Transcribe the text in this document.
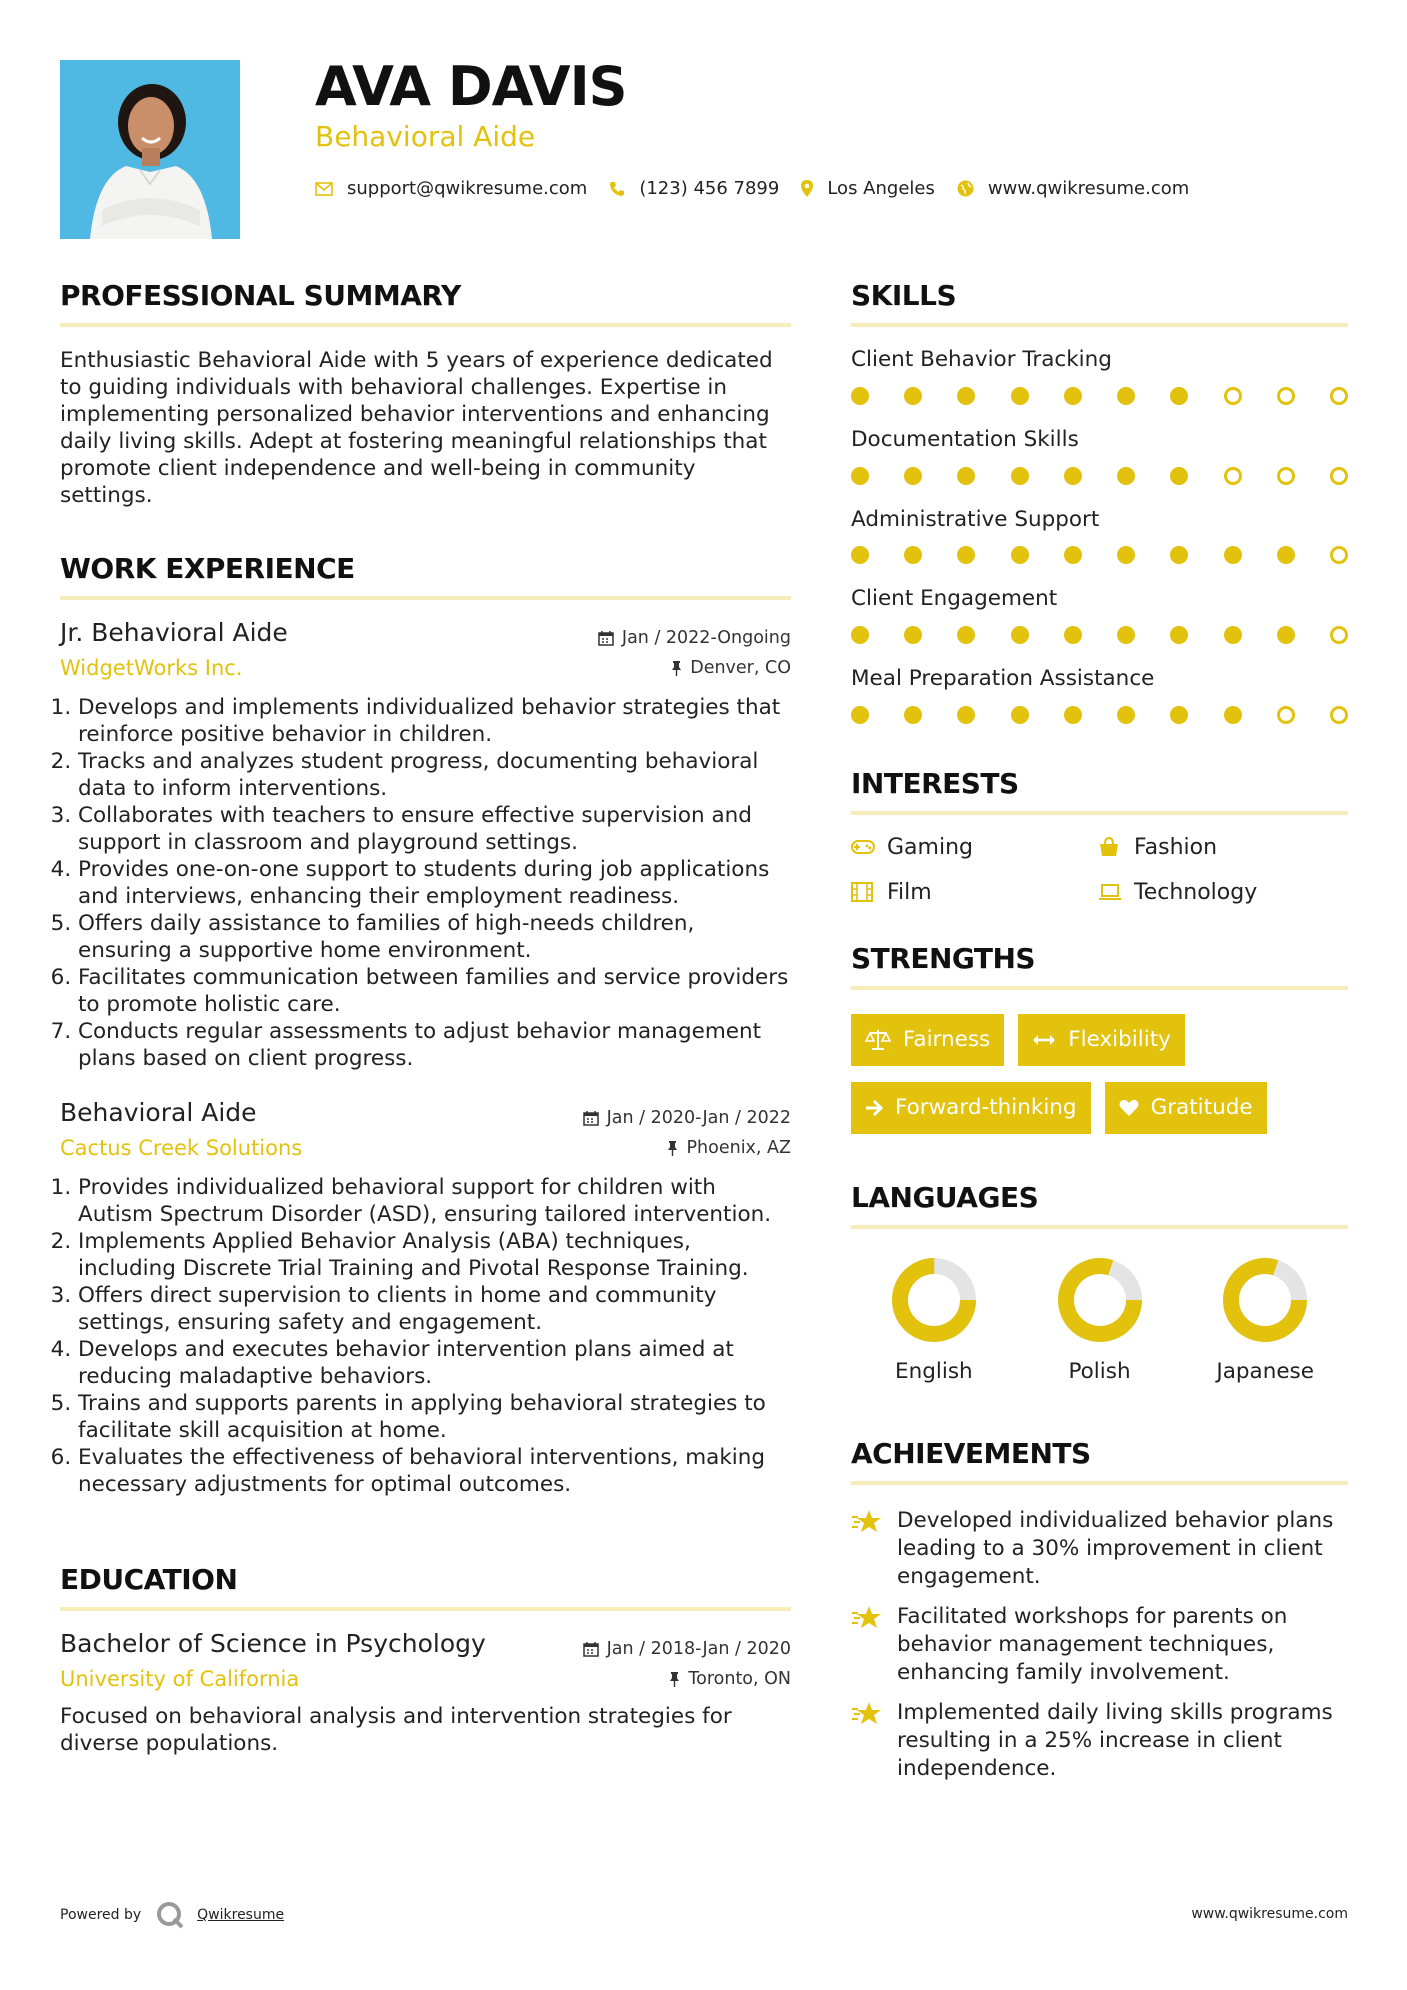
AVA DAVIS
Behavioral Aide
support@qwikresume.com	(123) 456 7899	Los Angeles	www.qwikresume.com
PROFESSIONAL SUMMARY

Enthusiastic Behavioral Aide with 5 years of experience dedicated to guiding individuals with behavioral challenges. Expertise in implementing personalized behavior interventions and enhancing daily living skills. Adept at fostering meaningful relationships that promote client independence and well-being in community settings.

WORK EXPERIENCE
Jr. Behavioral Aide	Jan / 2022-Ongoing
WidgetWorks Inc.	Denver, CO
1. Develops and implements individualized behavior strategies that reinforce positive behavior in children.
2. Tracks and analyzes student progress, documenting behavioral data to inform interventions.
3. Collaborates with teachers to ensure effective supervision and support in classroom and playground settings.
4. Provides one-on-one support to students during job applications and interviews, enhancing their employment readiness.
5. Offers daily assistance to families of high-needs children, ensuring a supportive home environment.
6. Facilitates communication between families and service providers to promote holistic care.
7. Conducts regular assessments to adjust behavior management plans based on client progress.
Behavioral Aide	Jan / 2020-Jan / 2022
Cactus Creek Solutions	Phoenix, AZ
1. Provides individualized behavioral support for children with Autism Spectrum Disorder (ASD), ensuring tailored intervention.
2. Implements Applied Behavior Analysis (ABA) techniques, including Discrete Trial Training and Pivotal Response Training.
3. Offers direct supervision to clients in home and community settings, ensuring safety and engagement.
4. Develops and executes behavior intervention plans aimed at reducing maladaptive behaviors.
5. Trains and supports parents in applying behavioral strategies to facilitate skill acquisition at home.
6. Evaluates the effectiveness of behavioral interventions, making necessary adjustments for optimal outcomes.
EDUCATION
Bachelor of Science in Psychology	Jan / 2018-Jan / 2020
University of California	Toronto, ON

Focused on behavioral analysis and intervention strategies for diverse populations.

SKILLS
Client Behavior Tracking
Documentation Skills
Administrative Support
Client Engagement
Meal Preparation Assistance
INTERESTS
Gaming	Fashion
Film	Technology
STRENGTHS
Fairness	Flexibility
Forward-thinking	Gratitude
LANGUAGES
English	Polish	Japanese
ACHIEVEMENTS
Developed individualized behavior plans leading to a 30% improvement in client engagement.
Facilitated workshops for parents on behavior management techniques, enhancing family involvement.
Implemented daily living skills programs resulting in a 25% increase in client independence.
Powered by	Qwikresume	www.qwikresume.com
